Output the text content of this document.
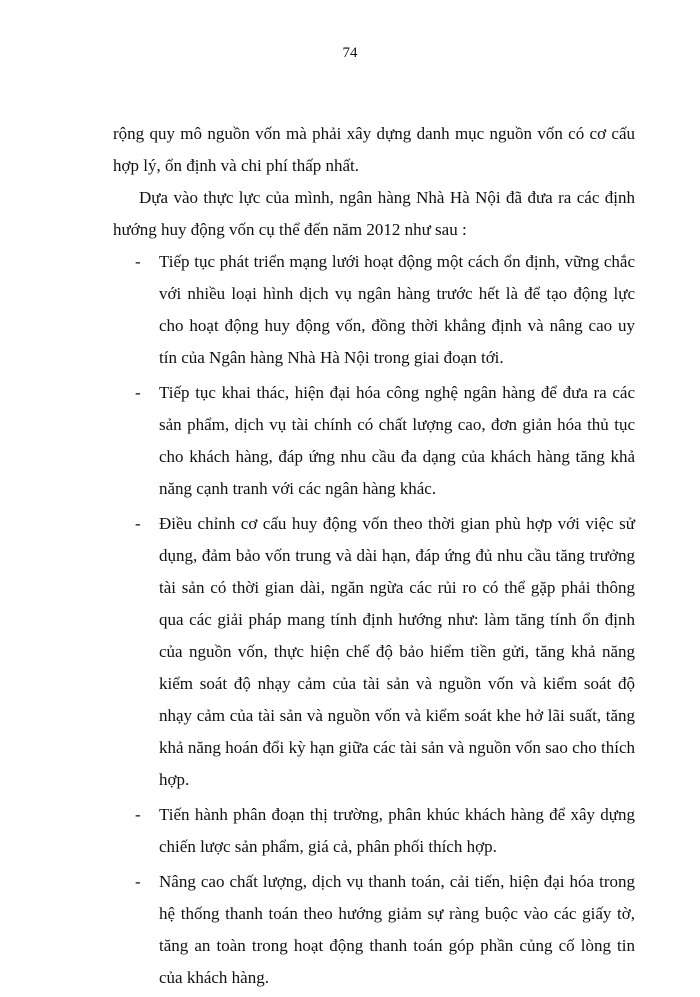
74

rộng quy mô nguồn vốn mà phải xây dựng danh mục nguồn vốn có cơ cấu hợp lý, ổn định và chi phí thấp nhất.

Dựa vào thực lực của mình, ngân hàng Nhà Hà Nội đã đưa ra các định hướng huy động vốn cụ thể đến năm 2012 như sau :

- Tiếp tục phát triển mạng lưới hoạt động một cách ổn định, vững chắc với nhiều loại hình dịch vụ ngân hàng trước hết là để tạo động lực cho hoạt động huy động vốn, đồng thời khẳng định và nâng cao uy tín của Ngân hàng Nhà Hà Nội trong giai đoạn tới.
- Tiếp tục khai thác, hiện đại hóa công nghệ ngân hàng để đưa ra các sản phẩm, dịch vụ tài chính có chất lượng cao, đơn giản hóa thủ tục cho khách hàng, đáp ứng nhu cầu đa dạng của khách hàng tăng khả năng cạnh tranh với các ngân hàng khác.
- Điều chỉnh cơ cấu huy động vốn theo thời gian phù hợp với việc sử dụng, đảm bảo vốn trung và dài hạn, đáp ứng đủ nhu cầu tăng trưởng tài sản có thời gian dài, ngăn ngừa các rủi ro có thể gặp phải thông qua các giải pháp mang tính định hướng như: làm tăng tính ổn định của nguồn vốn, thực hiện chế độ bảo hiểm tiền gửi, tăng khả năng kiểm soát độ nhạy cảm của tài sản và nguồn vốn và kiểm soát độ nhạy cảm của tài sản và nguồn vốn và kiểm soát khe hở lãi suất, tăng khả năng hoán đổi kỳ hạn giữa các tài sản và nguồn vốn sao cho thích hợp.
- Tiến hành phân đoạn thị trường, phân khúc khách hàng để xây dựng chiến lược sản phẩm, giá cả, phân phối thích hợp.
- Nâng cao chất lượng, dịch vụ thanh toán, cải tiến, hiện đại hóa trong hệ thống thanh toán theo hướng giảm sự ràng buộc vào các giấy tờ, tăng an toàn trong hoạt động thanh toán góp phần củng cố lòng tin của khách hàng.
